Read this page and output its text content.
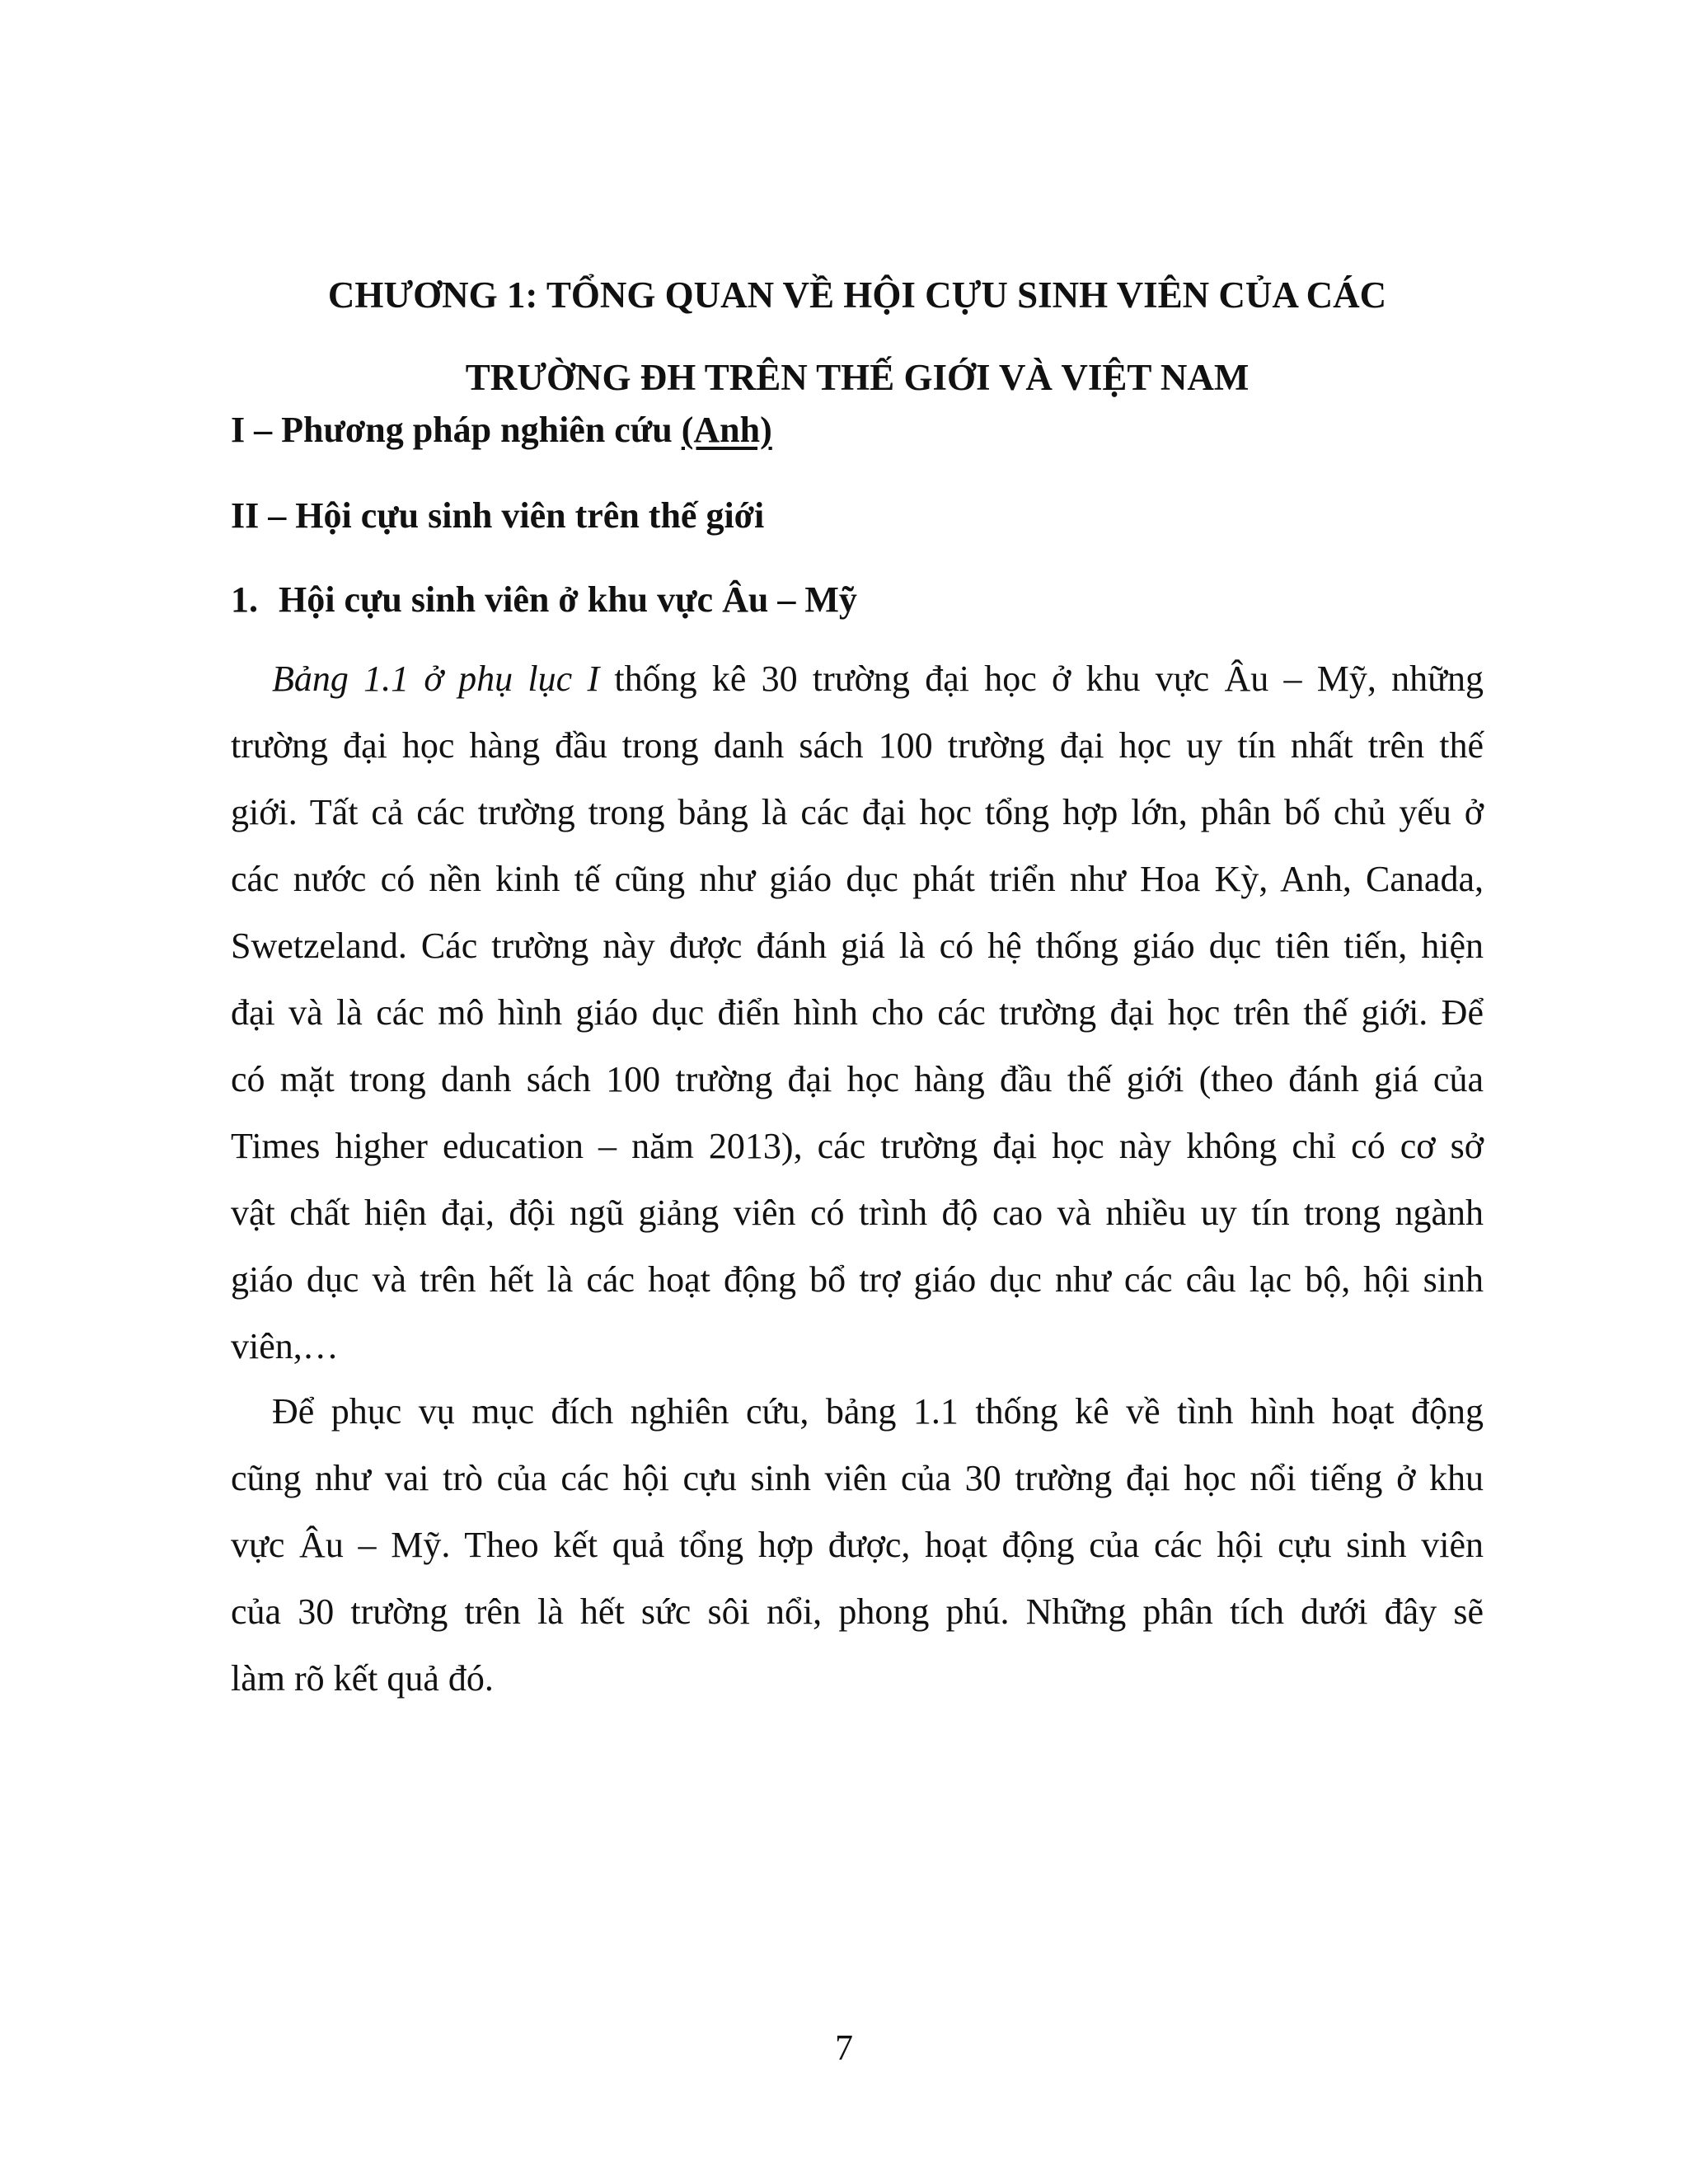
CHƯƠNG 1: TỔNG QUAN VỀ HỘI CỰU SINH VIÊN CỦA CÁC
TRƯỜNG ĐH TRÊN THẾ GIỚI VÀ VIỆT NAM

I – Phương pháp nghiên cứu (Anh)

II – Hội cựu sinh viên trên thế giới

1. Hội cựu sinh viên ở khu vực Âu – Mỹ

Bảng 1.1 ở phụ lục I thống kê 30 trường đại học ở khu vực Âu – Mỹ, những
trường đại học hàng đầu trong danh sách 100 trường đại học uy tín nhất trên thế
giới. Tất cả các trường trong bảng là các đại học tổng hợp lớn, phân bố chủ yếu ở
các nước có nền kinh tế cũng như giáo dục phát triển như Hoa Kỳ, Anh, Canada,
Swetzeland. Các trường này được đánh giá là có hệ thống giáo dục tiên tiến, hiện
đại và là các mô hình giáo dục điển hình cho các trường đại học trên thế giới. Để
có mặt trong danh sách 100 trường đại học hàng đầu thế giới (theo đánh giá của
Times higher education – năm 2013), các trường đại học này không chỉ có cơ sở
vật chất hiện đại, đội ngũ giảng viên có trình độ cao và nhiều uy tín trong ngành
giáo dục và trên hết là các hoạt động bổ trợ giáo dục như các câu lạc bộ, hội sinh
viên,…
Để phục vụ mục đích nghiên cứu, bảng 1.1 thống kê về tình hình hoạt động
cũng như vai trò của các hội cựu sinh viên của 30 trường đại học nổi tiếng ở khu
vực Âu – Mỹ. Theo kết quả tổng hợp được, hoạt động của các hội cựu sinh viên
của 30 trường trên là hết sức sôi nổi, phong phú. Những phân tích dưới đây sẽ
làm rõ kết quả đó.

7
